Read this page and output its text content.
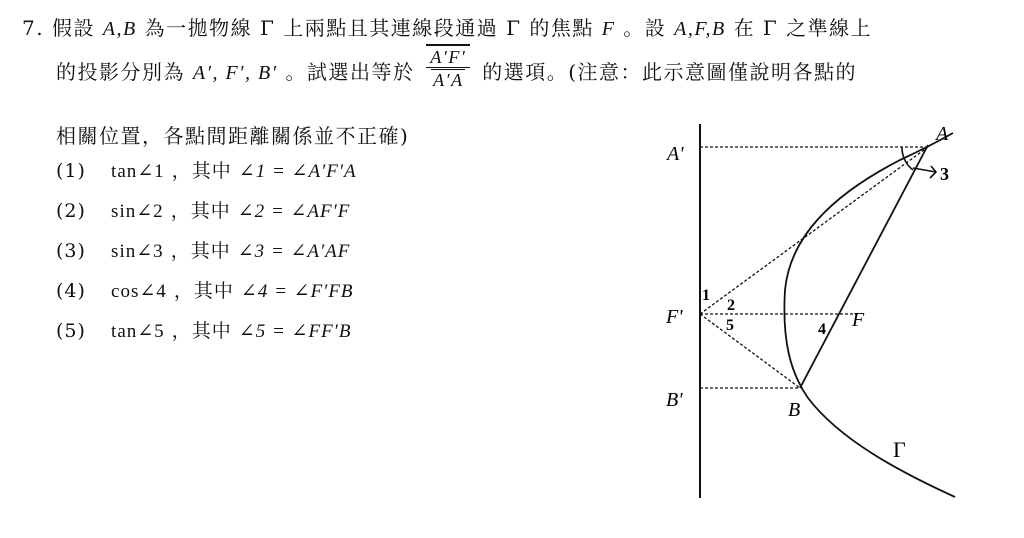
7. 假設 A,B 為一拋物線 Γ 上兩點且其連線段通過 Γ 的焦點 F 。設 A,F,B 在 Γ 之準線上
的投影分別為 A′, F′, B′ 。試選出等於 $\frac{A'F'}{A'A}$ 的選項。(注意：此示意圖僅說明各點的
相關位置，各點間距離關係並不正確)
(1) tan∠1 ，其中 ∠1 = ∠A′F′A
(2) sin∠2 ，其中 ∠2 = ∠AF′F
(3) sin∠3 ，其中 ∠3 = ∠A′AF
(4) cos∠4 ，其中 ∠4 = ∠F′FB
(5) tan∠5 ，其中 ∠5 = ∠FF′B
A'
F'
B'
A
B
F
Γ
1
2
3
4
5
